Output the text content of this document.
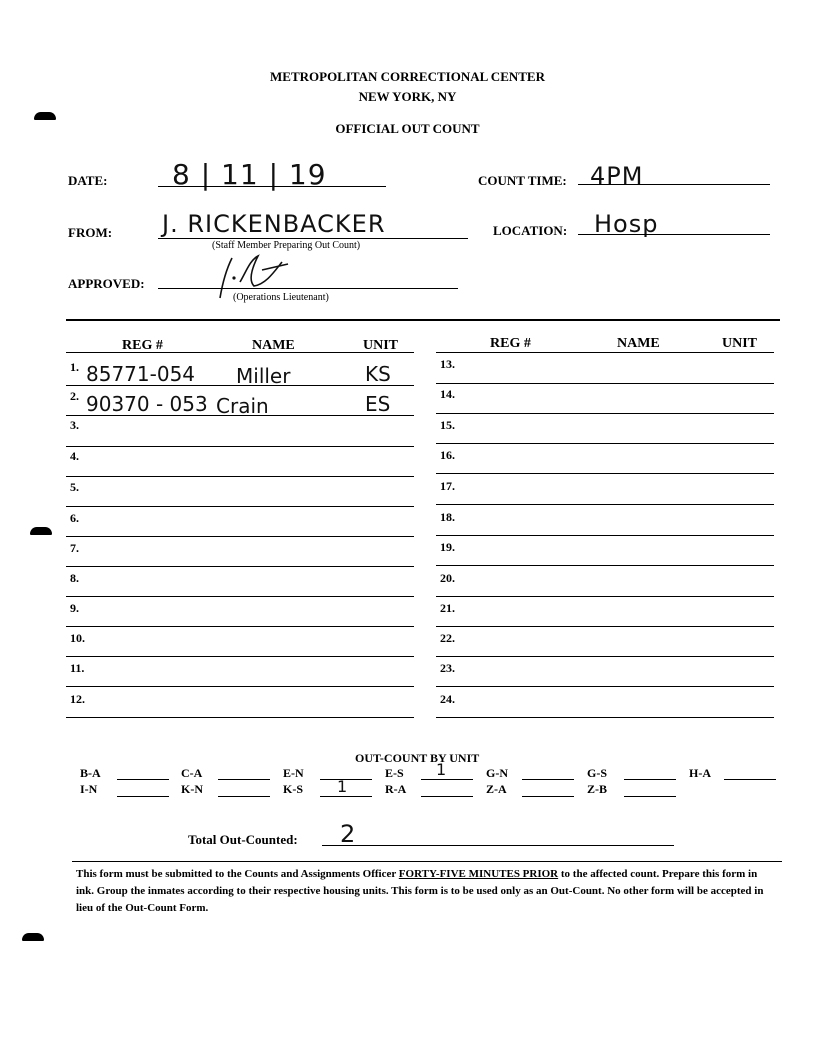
METROPOLITAN CORRECTIONAL CENTER
NEW YORK, NY
OFFICIAL OUT COUNT
DATE: 8 | 11 | 19	COUNT TIME: 4PM
FROM: J. RICKENBACKER
(Staff Member Preparing Out Count)
LOCATION: Hosp
APPROVED:
(Operations Lieutenant)
REG #	NAME	UNIT	REG #	NAME	UNIT
1. 85771-054 Miller	KS
2. 90370 - 053 Crain	ES
3.
4.
5.
6.
7.
8.
9.
10.
11.
12.
13.
14.
15.
16.
17.
18.
19.
20.
21.
22.
23.
24.
OUT-COUNT BY UNIT
B-A	C-A	E-N	E-S 1	G-N	G-S	H-A
I-N	K-N	K-S 1	R-A	Z-A	Z-B
Total Out-Counted: 2
This form must be submitted to the Counts and Assignments Officer FORTY-FIVE MINUTES PRIOR to the affected count. Prepare this form in ink. Group the inmates according to their respective housing units. This form is to be used only as an Out-Count. No other form will be accepted in lieu of the Out-Count Form.
